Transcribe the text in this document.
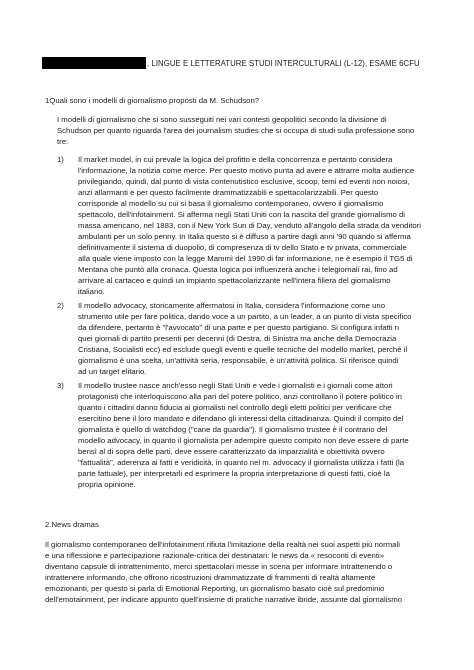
, LINGUE E LETTERATURE STUDI INTERCULTURALI (L-12), ESAME 6CFU
1Quali sono i modelli di giornalismo proposti da M. Schudson?
I modelli di giornalismo che si sono susseguiti nei vari contesti geopolitici secondo la divisione di
Schudson per quanto riguarda l'area dei journalism studies che si occupa di studi sulla professione sono
tre:
1) Il market model, in cui prevale la logica del profitto e della concorrenza e pertanto considera
l'informazione, la notizia come merce. Per questo motivo punta ad avere e attrarre molta audience
privilegiando, quindi, dal punto di vista contenutistico esclusive, scoop, temi ed eventi non noiosi,
anzi allarmanti e per questo facilmente drammatizzabili e spettacolarizzabili. Per questo
corrisponde al modello su cui si basa il giornalismo contemporaneo, ovvero il giornalismo
spettacolo, dell'infotainment. Si afferma negli Stati Uniti con la nascita del grande giornalismo di
massa americano, nel 1883, con il New York Sun di Day, venduto all'angolo della strada da venditori
ambulanti per un solo penny. In Italia questo si è diffuso a partire dagli anni '90 quando si afferma
definitivamente il sistema di duopolio, di compresenza di tv dello Stato e tv privata, commerciale
alla quale viene imposto con la legge Mammì del 1990 di far informazione, ne è esempio il TG5 di
Mentana che puntò alla cronaca. Questa logica poi influenzerà anche i telegiornali rai, fino ad
arrivare al cartaceo e quindi un impianto spettacolarizzante nell'intera filiera del giornalismo
italiano.
2) Il modello advocacy, storicamente affermatosi in Italia, considera l'informazione come uno
strumento utile per fare politica, dando voce a un partito, a un leader, a un punto di vista specifico
da difendere, pertanto è "l'avvocato" di una parte e per questo partigiano. Si configura infatti n
quei giornali di partito presenti per decenni (di Destra, di Sinistra ma anche della Democrazia
Cristiana, Socialisti ecc) ed esclude quegli eventi e quelle tecniche del modello market, perché il
giornalismo è una scelta, un'attività seria, responsabile, è un'attività politica. Si riferisce quindi
ad un target elitario.
3) Il modello trustee nasce anch'esso negli Stati Uniti e vede i giornalisti e i giornali come attori
protagonisti che interloquiscono alla pari del potere politico, anzi controllano il potere politico in
quanto i cittadini danno fiducia ai giornalisti nel controllo degli eletti politici per verificare che
esercitino bene il loro mandato e difendano gli interessi della cittadinanza. Quindi il compito del
giornalista è quello di watchdog ("cane da guardia"). Il giornalismo trustee è il contrario del
modello advocacy, in quanto il giornalista per adempire questo compito non deve essere di parte
bensì al di sopra delle parti, deve essere caratterizzato da imparzialità e obiettività ovvero
"fattualità", aderenza ai fatti e veridicità, in quanto nel m. advocacy il giornalista utilizza i fatti (la
parte fattuale), per interpretarli ed esprimere la propria interpretazione di questi fatti, cioè la
propria opinione.
2.News dramas
Il giornalismo contemporaneo dell'infotainment rifiuta l'imitazione della realtà nei suoi aspetti più normali
e una riflessione e partecipazione razionale-critica dei destinatari: le news da « resoconti di eventi»
diventano capsule di intrattenimento, merci spettacolari messe in scena per informare intrattenendo o
intrattenere informando, che offrono ricostruzioni drammatizzate di frammenti di realtà altamente
emozionanti, per questo si parla di Emotional Reporting, un giornalismo basato cioè sul predominio
dell'emotainment, per indicare appunto quell'insieme di pratiche narrative ibride, assunte dal giornalismo
